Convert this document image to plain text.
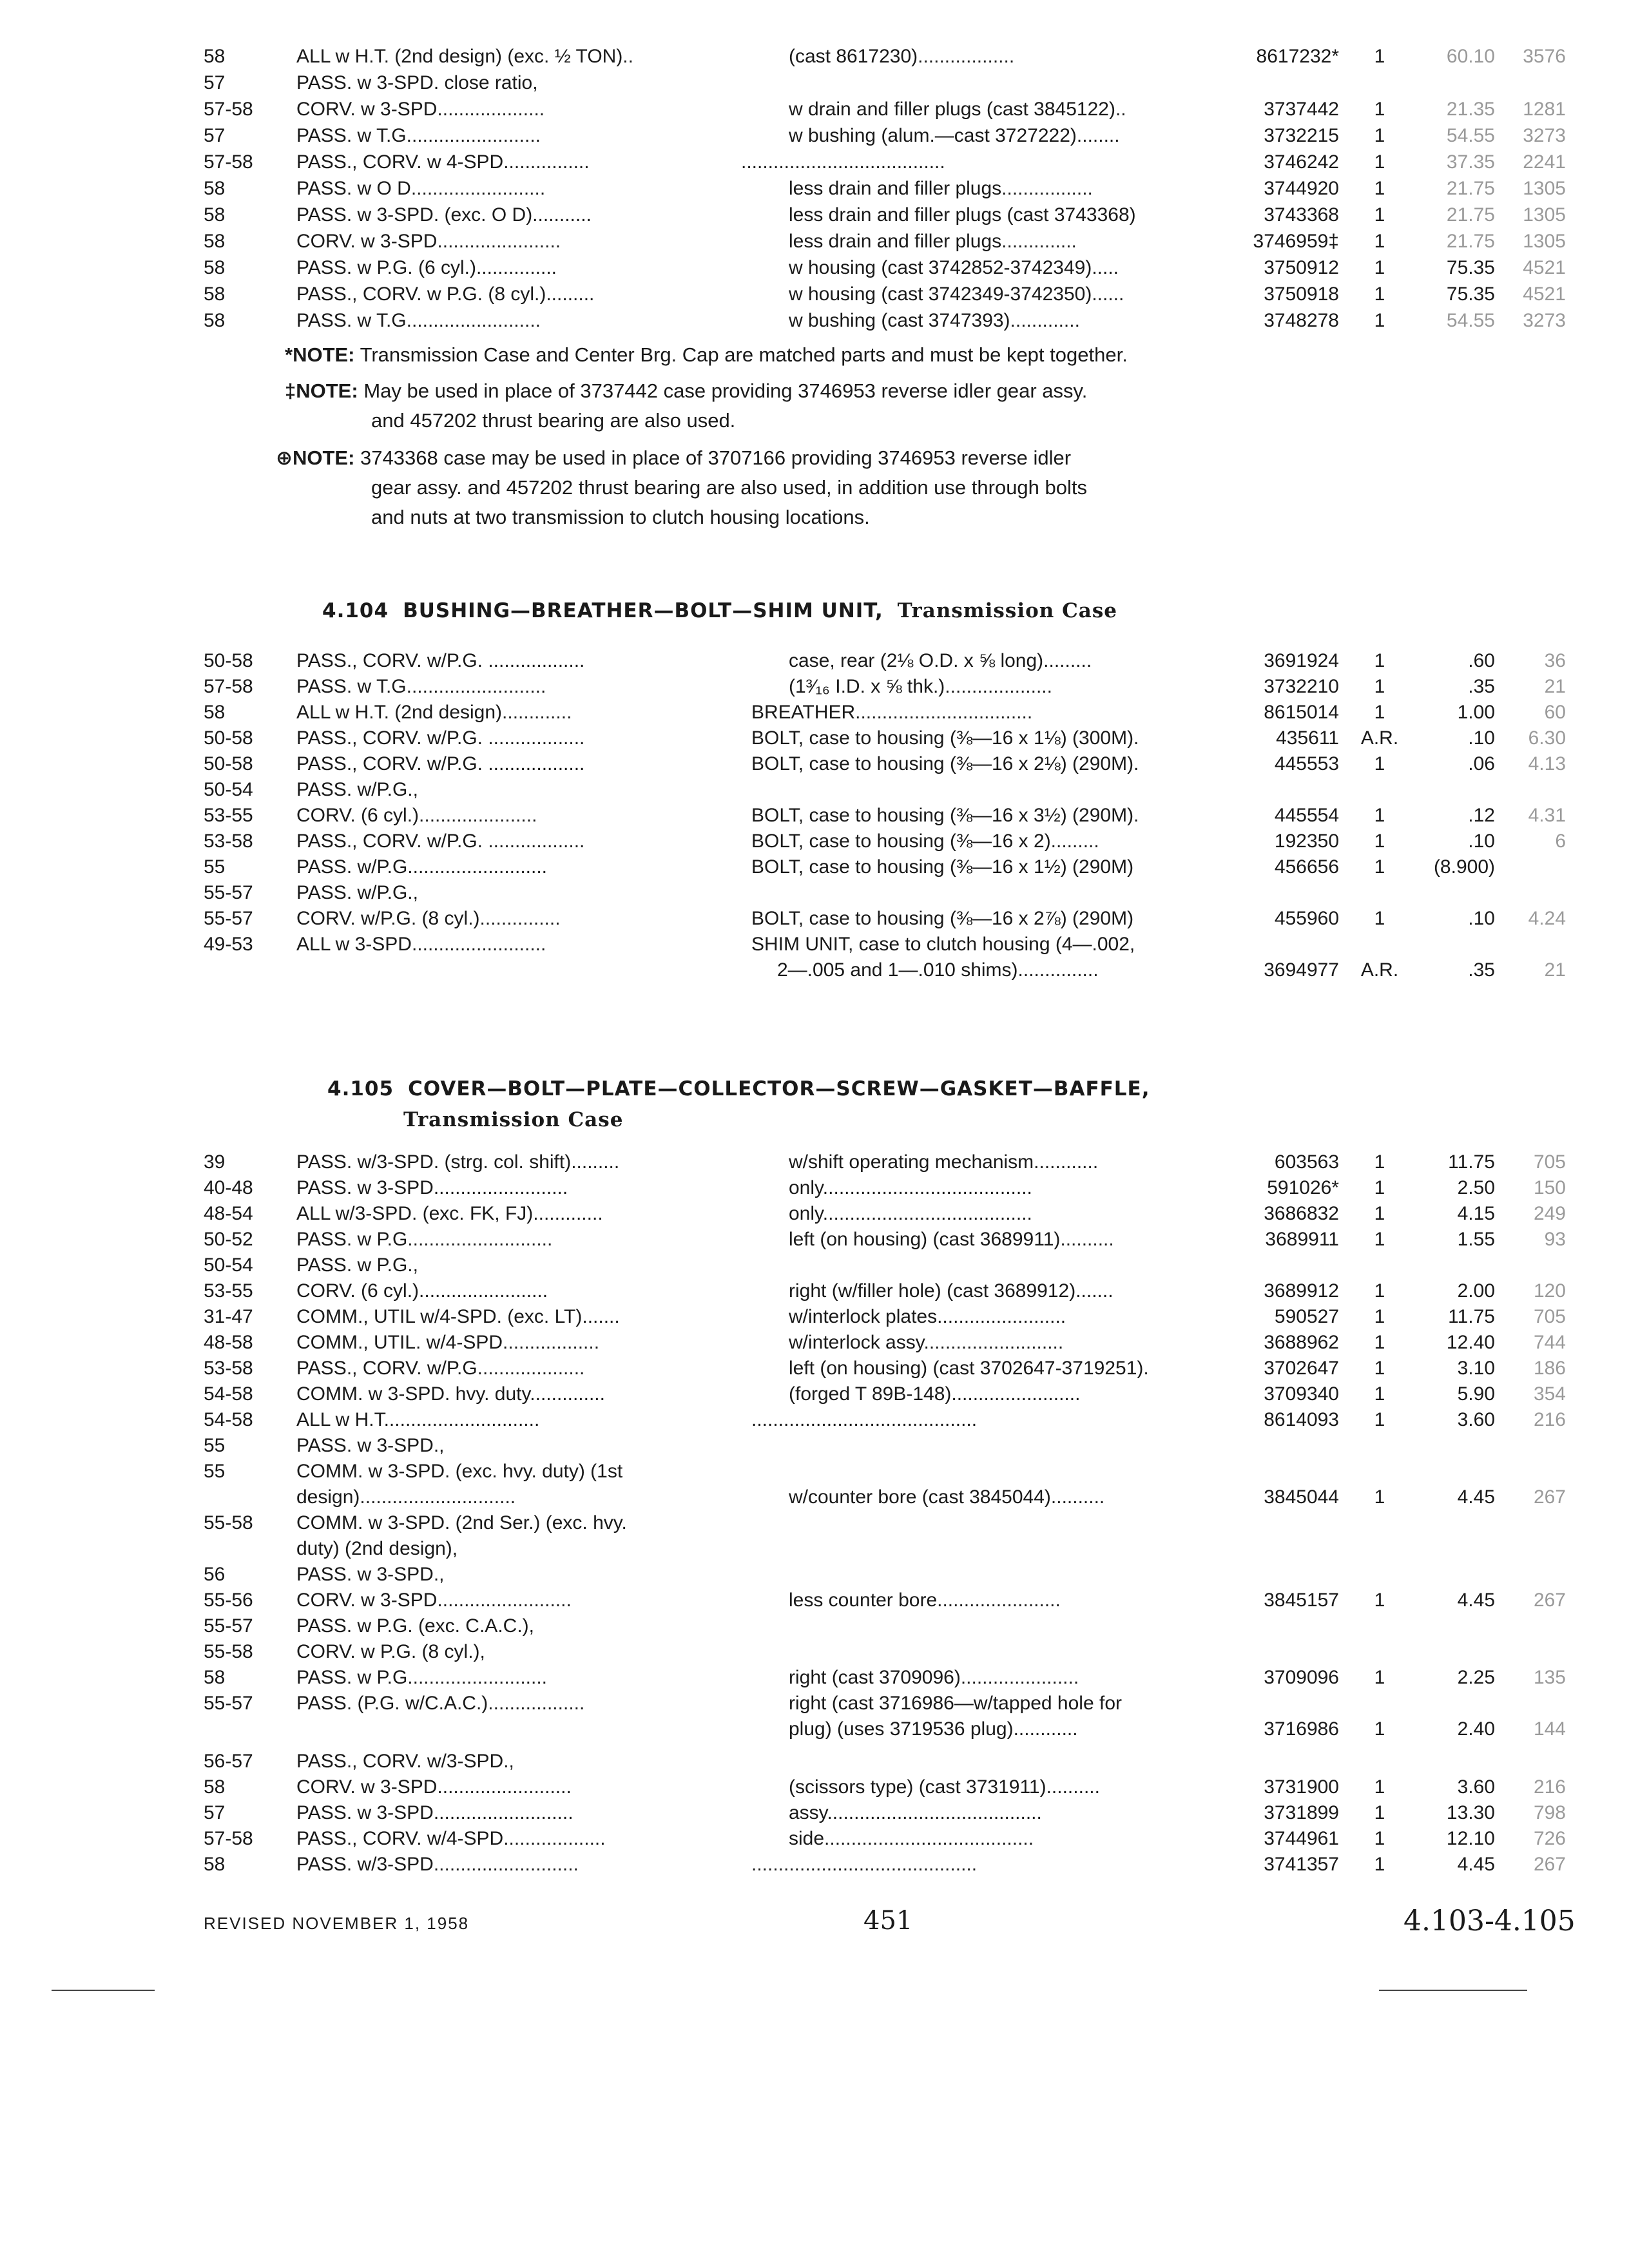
58	ALL w H.T. (2nd design) (exc. ½ TON)..	(cast 8617230)..................	8617232*	1	60.10	3576
57	PASS. w 3-SPD. close ratio,
57-58	CORV. w 3-SPD....................	w drain and filler plugs (cast 3845122)..	3737442	1	21.35	1281
57	PASS. w T.G.........................	w bushing (alum.—cast 3727222)........	3732215	1	54.55	3273
57-58	PASS., CORV. w 4-SPD................	......................................	3746242	1	37.35	2241
58	PASS. w O D.........................	less drain and filler plugs.................	3744920	1	21.75	1305
58	PASS. w 3-SPD. (exc. O D)...........	less drain and filler plugs (cast 3743368)	3743368	1	21.75	1305
58	CORV. w 3-SPD.......................	less drain and filler plugs..............	3746959‡	1	21.75	1305
58	PASS. w P.G. (6 cyl.)...............	w housing (cast 3742852-3742349).....	3750912	1	75.35	4521
58	PASS., CORV. w P.G. (8 cyl.).........	w housing (cast 3742349-3742350)......	3750918	1	75.35	4521
58	PASS. w T.G.........................	w bushing (cast 3747393).............	3748278	1	54.55	3273
*NOTE: Transmission Case and Center Brg. Cap are matched parts and must be kept together.
‡NOTE: May be used in place of 3737442 case providing 3746953 reverse idler gear assy.
and 457202 thrust bearing are also used.
⊕NOTE: 3743368 case may be used in place of 3707166 providing 3746953 reverse idler
gear assy. and 457202 thrust bearing are also used, in addition use through bolts
and nuts at two transmission to clutch housing locations.
4.104 BUSHING—BREATHER—BOLT—SHIM UNIT, Transmission Case
50-58	PASS., CORV. w/P.G. ..................	case, rear (2⅛ O.D. x ⅝ long).........	3691924	1	.60	36
57-58	PASS. w T.G..........................	(1³⁄₁₆ I.D. x ⅝ thk.)....................	3732210	1	.35	21
58	ALL w H.T. (2nd design).............	BREATHER.................................	8615014	1	1.00	60
50-58	PASS., CORV. w/P.G. ..................	BOLT, case to housing (⅜—16 x 1⅛) (300M).	435611	A.R.	.10	6.30
50-58	PASS., CORV. w/P.G. ..................	BOLT, case to housing (⅜—16 x 2⅛) (290M).	445553	1	.06	4.13
50-54	PASS. w/P.G.,
53-55	CORV. (6 cyl.)......................	BOLT, case to housing (⅜—16 x 3½) (290M).	445554	1	.12	4.31
53-58	PASS., CORV. w/P.G. ..................	BOLT, case to housing (⅜—16 x 2).........	192350	1	.10	6
55	PASS. w/P.G..........................	BOLT, case to housing (⅜—16 x 1½) (290M)	456656	1	(8.900)
55-57	PASS. w/P.G.,
55-57	CORV. w/P.G. (8 cyl.)...............	BOLT, case to housing (⅜—16 x 2⅞) (290M)	455960	1	.10	4.24
49-53	ALL w 3-SPD.........................	SHIM UNIT, case to clutch housing (4—.002,
2—.005 and 1—.010 shims)...............	3694977	A.R.	.35	21
4.105 COVER—BOLT—PLATE—COLLECTOR—SCREW—GASKET—BAFFLE,
Transmission Case
39	PASS. w/3-SPD. (strg. col. shift).........	w/shift operating mechanism............	603563	1	11.75	705
40-48	PASS. w 3-SPD.........................	only.......................................	591026*	1	2.50	150
48-54	ALL w/3-SPD. (exc. FK, FJ).............	only.......................................	3686832	1	4.15	249
50-52	PASS. w P.G...........................	left (on housing) (cast 3689911)..........	3689911	1	1.55	93
50-54	PASS. w P.G.,
53-55	CORV. (6 cyl.)........................	right (w/filler hole) (cast 3689912).......	3689912	1	2.00	120
31-47	COMM., UTIL w/4-SPD. (exc. LT).......	w/interlock plates........................	590527	1	11.75	705
48-58	COMM., UTIL. w/4-SPD..................	w/interlock assy..........................	3688962	1	12.40	744
53-58	PASS., CORV. w/P.G....................	left (on housing) (cast 3702647-3719251).	3702647	1	3.10	186
54-58	COMM. w 3-SPD. hvy. duty..............	(forged T 89B-148)........................	3709340	1	5.90	354
54-58	ALL w H.T.............................	..........................................	8614093	1	3.60	216
55	PASS. w 3-SPD.,
55	COMM. w 3-SPD. (exc. hvy. duty) (1st
design).............................	w/counter bore (cast 3845044)..........	3845044	1	4.45	267
55-58	COMM. w 3-SPD. (2nd Ser.) (exc. hvy.
duty) (2nd design),
56	PASS. w 3-SPD.,
55-56	CORV. w 3-SPD.........................	less counter bore.......................	3845157	1	4.45	267
55-57	PASS. w P.G. (exc. C.A.C.),
55-58	CORV. w P.G. (8 cyl.),
58	PASS. w P.G..........................	right (cast 3709096)......................	3709096	1	2.25	135
55-57	PASS. (P.G. w/C.A.C.)..................	right (cast 3716986—w/tapped hole for
plug) (uses 3719536 plug)............	3716986	1	2.40	144
56-57	PASS., CORV. w/3-SPD.,
58	CORV. w 3-SPD.........................	(scissors type) (cast 3731911)..........	3731900	1	3.60	216
57	PASS. w 3-SPD..........................	assy........................................	3731899	1	13.30	798
57-58	PASS., CORV. w/4-SPD...................	side.......................................	3744961	1	12.10	726
58	PASS. w/3-SPD...........................	..........................................	3741357	1	4.45	267
REVISED NOVEMBER 1, 1958	451	4.103-4.105
